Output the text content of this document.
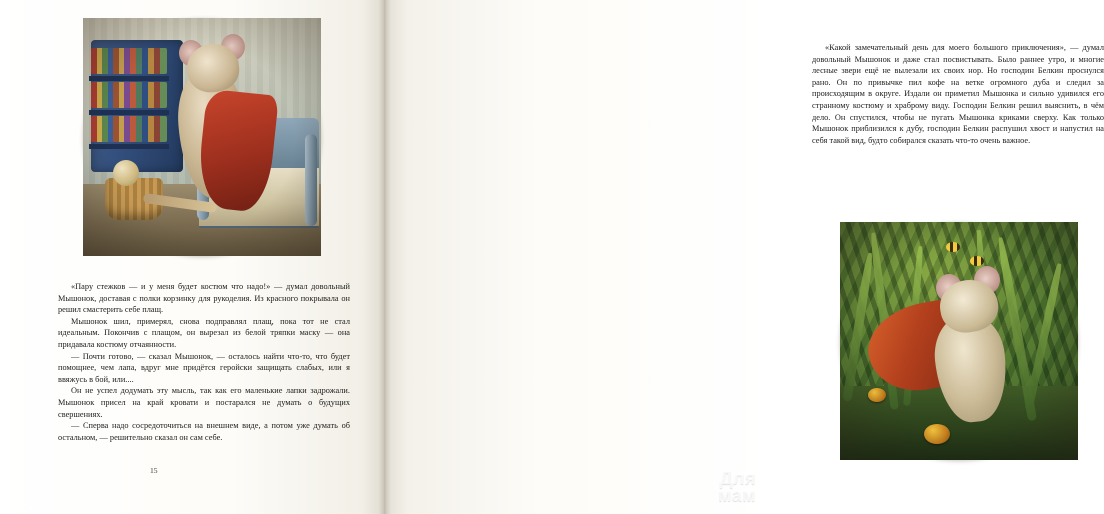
«Пару стежков — и у меня будет костюм что надо!» — думал довольный Мышонок, доставая с полки корзинку для рукоделия. Из красного покрывала он решил смастерить себе плащ.

Мышонок шил, примерял, снова подправлял плащ, пока тот не стал идеальным. Покончив с плащом, он вырезал из белой тряпки маску — она придавала костюму отчаянности.

— Почти готово, — сказал Мышонок, — осталось найти что-то, что будет помощнее, чем лапа, вдруг мне придётся геройски защищать слабых, или я ввяжусь в бой, или....

Он не успел додумать эту мысль, так как его маленькие лапки задрожали. Мышонок присел на край кровати и постарался не думать о будущих свершениях.

— Сперва надо сосредоточиться на внешнем виде, а потом уже думать об остальном, — решительно сказал он сам себе.

15

«Какой замечательный день для моего большого приключения», — думал довольный Мышонок и даже стал посвистывать. Было раннее утро, и многие лесные звери ещё не вылезали их своих нор. Но господин Белкин проснулся рано. Он по привычке пил кофе на ветке огромного дуба и следил за происходящим в округе. Издали он приметил Мышонка и сильно удивился его странному костюму и храброму виду. Господин Белкин решил выяснить, в чём дело. Он спустился, чтобы не пугать Мышонка криками сверху. Как только Мышонок приблизился к дубу, господин Белкин распушил хвост и напустил на себя такой вид, будто собирался сказать что-то очень важное.

Для
мам
